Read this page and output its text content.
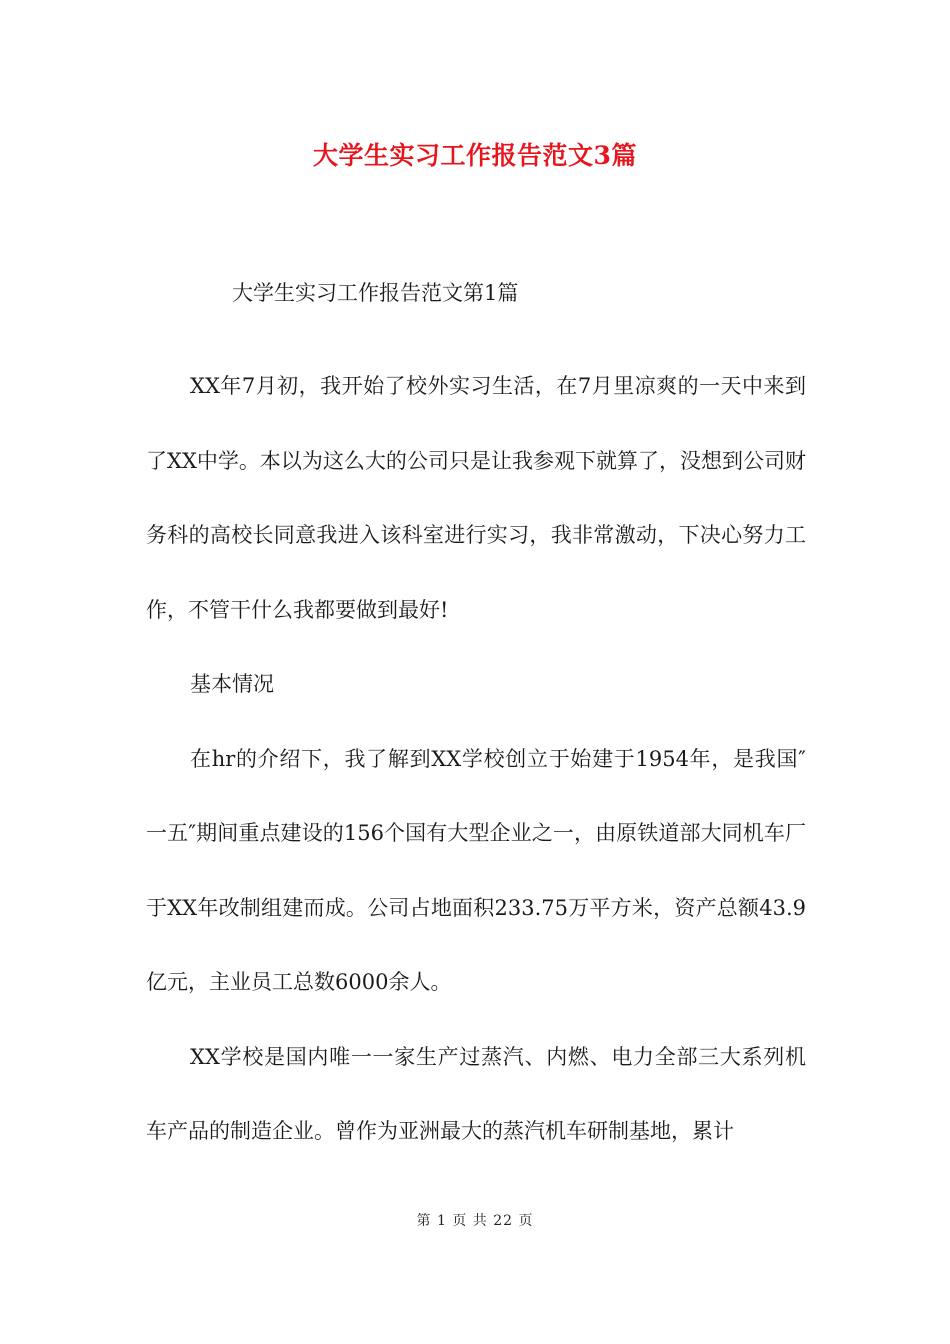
大学生实习工作报告范文3篇
大学生实习工作报告范文第1篇

XX年7月初，我开始了校外实习生活，在7月里凉爽的一天中来到了XX中学。本以为这么大的公司只是让我参观下就算了，没想到公司财务科的高校长同意我进入该科室进行实习，我非常激动，下决心努力工作，不管干什么我都要做到最好!

基本情况

在hr的介绍下，我了解到XX学校创立于始建于1954年，是我国″一五″期间重点建设的156个国有大型企业之一，由原铁道部大同机车厂于XX年改制组建而成。公司占地面积233.75万平方米，资产总额43.9亿元，主业员工总数6000余人。

XX学校是国内唯一一家生产过蒸汽、内燃、电力全部三大系列机车产品的制造企业。曾作为亚洲最大的蒸汽机车研制基地，累计

第 1 页 共 22 页
